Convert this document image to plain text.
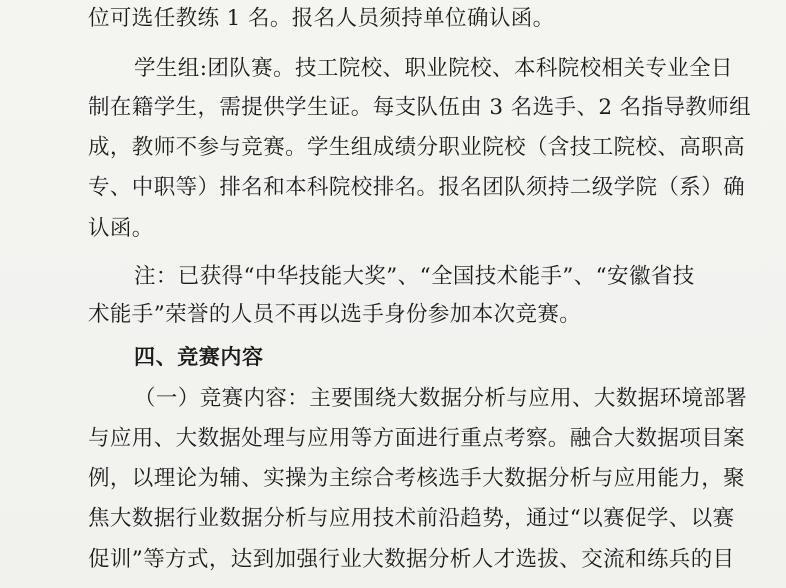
位可选任教练 1 名。报名人员须持单位确认函。
学生组:团队赛。技工院校、职业院校、本科院校相关专业全日
制在籍学生，需提供学生证。每支队伍由 3 名选手、2 名指导教师组
成，教师不参与竞赛。学生组成绩分职业院校（含技工院校、高职高
专、中职等）排名和本科院校排名。报名团队须持二级学院（系）确
认函。
注：已获得“中华技能大奖”、“全国技术能手”、“安徽省技
术能手”荣誉的人员不再以选手身份参加本次竞赛。
四、竞赛内容
（一）竞赛内容：主要围绕大数据分析与应用、大数据环境部署
与应用、大数据处理与应用等方面进行重点考察。融合大数据项目案
例，以理论为辅、实操为主综合考核选手大数据分析与应用能力，聚
焦大数据行业数据分析与应用技术前沿趋势，通过“以赛促学、以赛
促训”等方式，达到加强行业大数据分析人才选拔、交流和练兵的目
